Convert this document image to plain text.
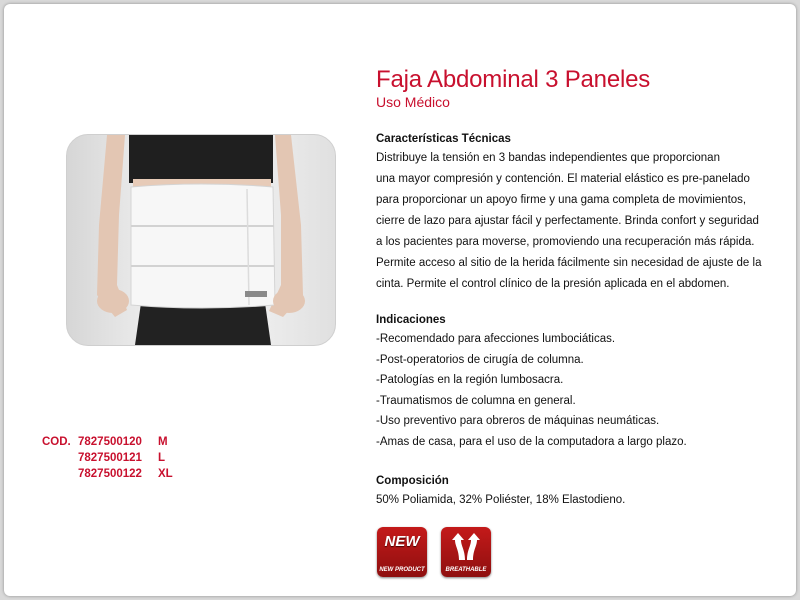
Faja Abdominal 3 Paneles
Uso Médico
Características Técnicas
Distribuye la tensión en 3 bandas independientes que proporcionan
una mayor compresión y contención. El material elástico es pre-panelado
para proporcionar un apoyo firme y una gama completa de movimientos,
cierre de lazo para ajustar fácil y perfectamente. Brinda confort y seguridad
a los pacientes para moverse, promoviendo una recuperación más rápida.
Permite acceso al sitio de la herida fácilmente sin necesidad de ajuste de la
cinta. Permite el control clínico de la presión aplicada en el abdomen.
Indicaciones
-Recomendado para afecciones lumbociáticas.
-Post-operatorios de cirugía de columna.
-Patologías en la región lumbosacra.
-Traumatismos de columna en general.
-Uso preventivo para obreros de máquinas neumáticas.
-Amas de casa, para el uso de la computadora a largo plazo.
Composición
50% Poliamida, 32% Poliéster, 18% Elastodieno.
COD. 7827500120	M
7827500121	L
7827500122	XL
NEW
NEW PRODUCT	BREATHABLE
